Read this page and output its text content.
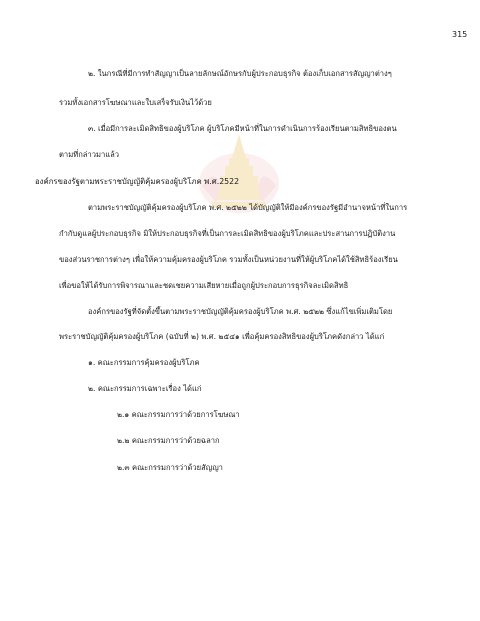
315
๒. ในกรณีที่มีการทำสัญญาเป็นลายลักษณ์อักษรกับผู้ประกอบธุรกิจ ต้องเก็บเอกสารสัญญาต่างๆ
รวมทั้งเอกสารโฆษณาและใบเสร็จรับเงินไว้ด้วย
๓. เมื่อมีการละเมิดสิทธิของผู้บริโภค ผู้บริโภคมีหน้าที่ในการดำเนินการร้องเรียนตามสิทธิของตน
ตามที่กล่าวมาแล้ว
องค์กรของรัฐตามพระราชบัญญัติคุ้มครองผู้บริโภค พ.ศ.2522
ตามพระราชบัญญัติคุ้มครองผู้บริโภค พ.ศ. ๒๕๒๒ ได้บัญญัติให้มีองค์กรของรัฐมีอำนาจหน้าที่ในการ
กำกับดูแลผู้ประกอบธุรกิจ มิให้ประกอบธุรกิจที่เป็นการละเมิดสิทธิของผู้บริโภคและประสานการปฏิบัติงาน
ของส่วนราชการต่างๆ เพื่อให้ความคุ้มครองผู้บริโภค รวมทั้งเป็นหน่วยงานที่ให้ผู้บริโภคได้ใช้สิทธิร้องเรียน
เพื่อขอให้ได้รับการพิจารณาและชดเชยความเสียหายเมื่อถูกผู้ประกอบการธุรกิจละเมิดสิทธิ
องค์กรของรัฐที่จัดตั้งขึ้นตามพระราชบัญญัติคุ้มครองผู้บริโภค พ.ศ. ๒๕๒๒ ซึ่งแก้ไขเพิ่มเติมโดย
พระราชบัญญัติคุ้มครองผู้บริโภค (ฉบับที่ ๒) พ.ศ. ๒๕๔๑ เพื่อคุ้มครองสิทธิของผู้บริโภคดังกล่าว ได้แก่
๑. คณะกรรมการคุ้มครองผู้บริโภค
๒. คณะกรรมการเฉพาะเรื่อง ได้แก่
๒.๑ คณะกรรมการว่าด้วยการโฆษณา
๒.๒ คณะกรรมการว่าด้วยฉลาก
๒.๓ คณะกรรมการว่าด้วยสัญญา
